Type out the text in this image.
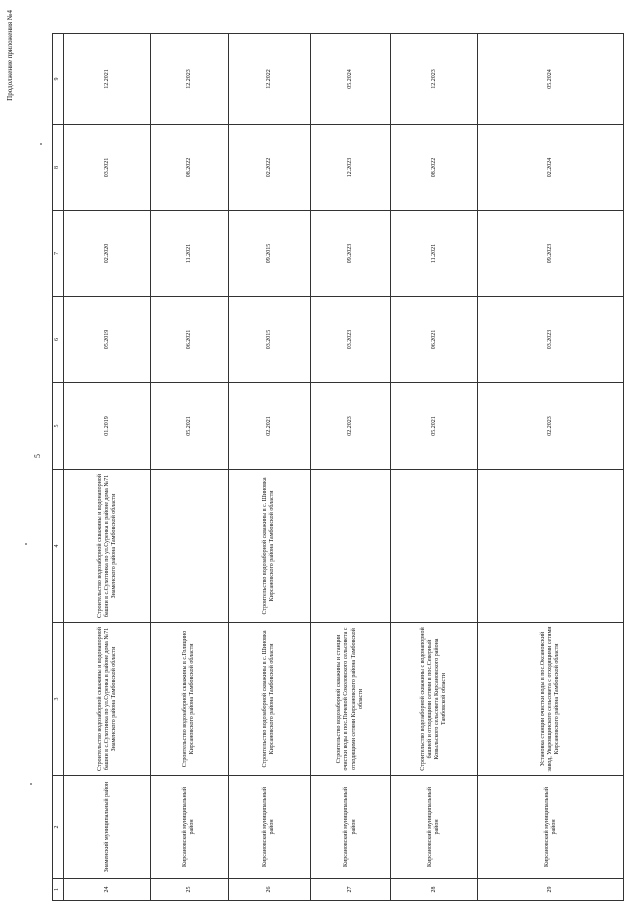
5
Продолжение приложения №4
1	2	3	4	5	6	7	8	9
24	Знаменский муниципальный район	Строительство водозаборной скважины и водонапорной башни в с.Сухотинка по ул.Суренка в районе дома №71 Знаменского района Тамбовской области	Строительство водозаборной скважины и водонапорной башни в с.Сухотинка по ул.Суренка в районе дома №71 Знаменского района Тамбовской области	01.2019	05.2019	02.2020	03.2021	12.2021
25	Кирсановский муниципальный район	Строительство водозаборной скважины в с.Голицино Кирсановского района Тамбовской области		05.2021	06.2021	11.2021	08.2022	12.2023
26	Кирсановский муниципальный район	Строительство водозаборной скважины в с. Шиновка Кирсановского района Тамбовской области	Строительство водозаборной скважины в с. Шиновка Кирсановского района Тамбовской области	02.2021	03.2015	09.2015	02.2022	12.2022
27	Кирсановский муниципальный район	Строительство водозаборной скважины и станции очистки воды в пос.Пичевой Соколовского сельсовета с отходящими сетями Кирсановского района Тамбовской области		02.2023	03.2023	09.2023	12.2023	05.2024
28	Кирсановский муниципальный район	Строительство водозаборной скважины с водонапорной башней и отходящими сетями в пос.Северный Ковыльского сельсовета Кирсановского района Тамбовской области		05.2021	06.2021	11.2021	08.2022	12.2023
29	Кирсановский муниципальный район	Установка станции очистки воды в пос.Оксановский завод, Уваровщинского сельсовета с отходящими сетями Кирсановского района Тамбовской области		02.2023	03.2023	09.2023	02.2024	05.2024
